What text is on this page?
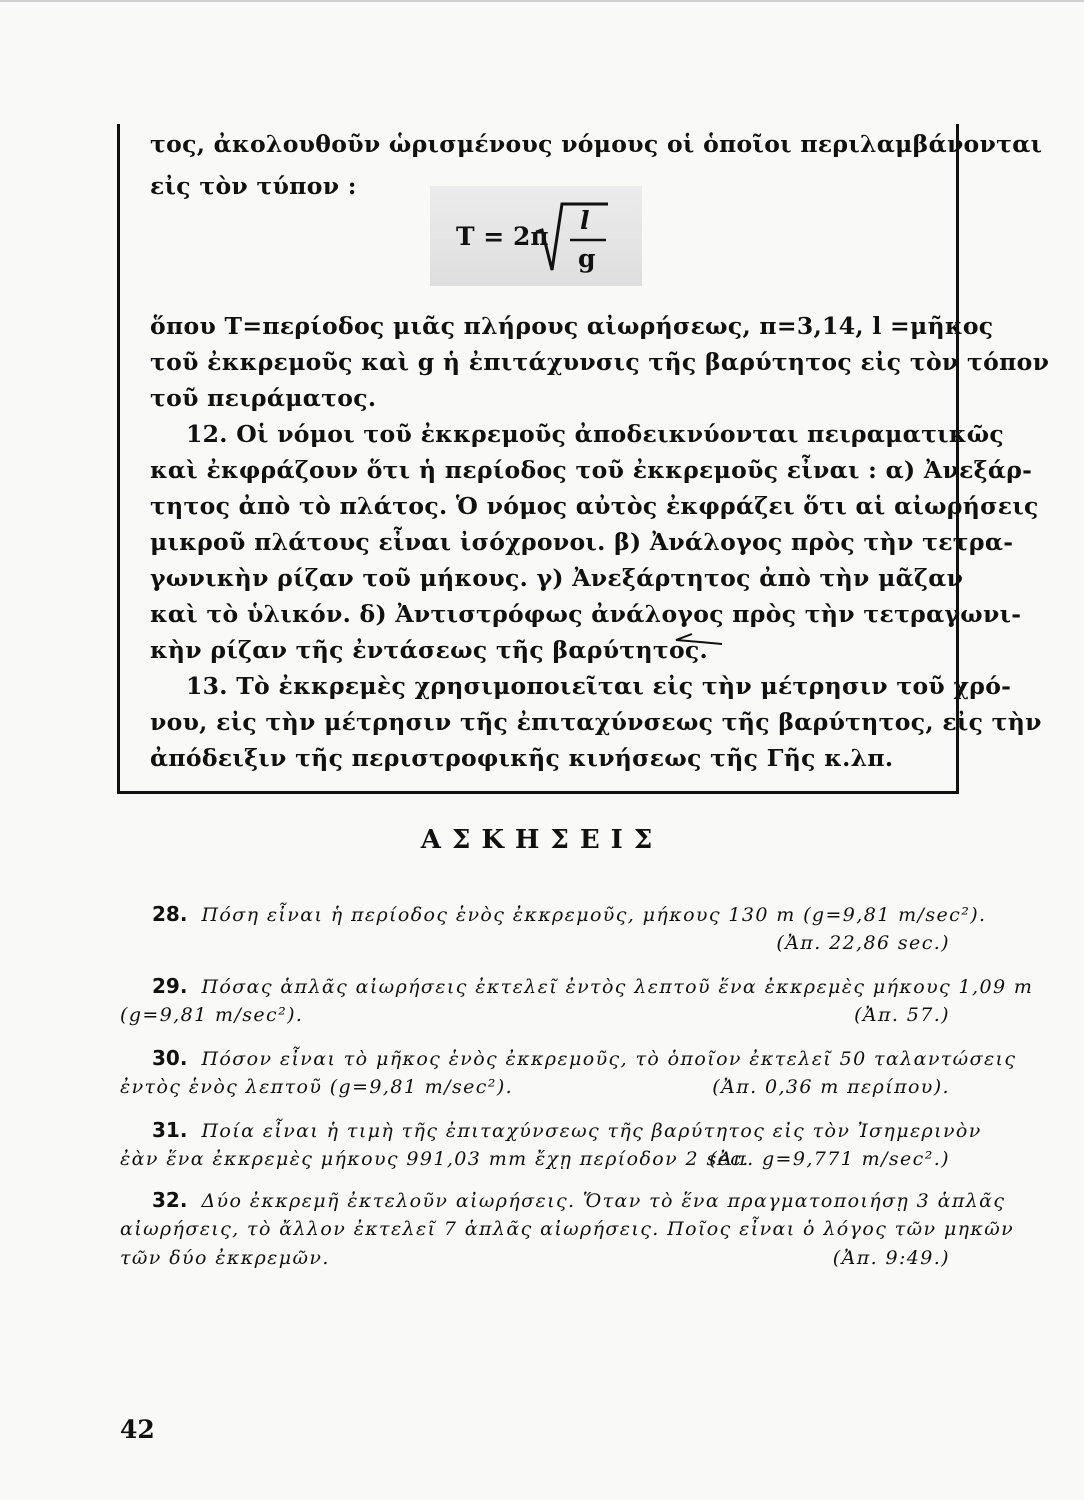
τος, ἀκολουθοῦν ὡρισμένους νόμους οἱ ὁποῖοι περιλαμβάνονται

εἰς τὸν τύπον :

T = 2π
l
g

ὅπου T=περίοδος μιᾶς πλήρους αἰωρήσεως, π=3,14, l =μῆκος

τοῦ ἐκκρεμοῦς καὶ g ἡ ἐπιτάχυνσις τῆς βαρύτητος εἰς τὸν τόπον

τοῦ πειράματος.

12. Οἱ νόμοι τοῦ ἐκκρεμοῦς ἀποδεικνύονται πειραματικῶς

καὶ ἐκφράζουν ὅτι ἡ περίοδος τοῦ ἐκκρεμοῦς εἶναι : α) Ἀνεξάρ-

τητος ἀπὸ τὸ πλάτος. Ὁ νόμος αὐτὸς ἐκφράζει ὅτι αἱ αἰωρήσεις

μικροῦ πλάτους εἶναι ἰσόχρονοι. β) Ἀνάλογος πρὸς τὴν τετρα-

γωνικὴν ρίζαν τοῦ μήκους. γ) Ἀνεξάρτητος ἀπὸ τὴν μᾶζαν

καὶ τὸ ὑλικόν. δ) Ἀντιστρόφως ἀνάλογος πρὸς τὴν τετραγωνι-

κὴν ρίζαν τῆς ἐντάσεως τῆς βαρύτητος.

13. Τὸ ἐκκρεμὲς χρησιμοποιεῖται εἰς τὴν μέτρησιν τοῦ χρό-

νου, εἰς τὴν μέτρησιν τῆς ἐπιταχύνσεως τῆς βαρύτητος, εἰς τὴν

ἀπόδειξιν τῆς περιστροφικῆς κινήσεως τῆς Γῆς κ.λπ.

ΑΣΚΗΣΕΙΣ

28. Πόση εἶναι ἡ περίοδος ἑνὸς ἐκκρεμοῦς, μήκους 130 m (g=9,81 m/sec²).

(Ἀπ. 22,86 sec.)

29. Πόσας ἁπλᾶς αἰωρήσεις ἐκτελεῖ ἐντὸς λεπτοῦ ἕνα ἐκκρεμὲς μήκους 1,09 m

(g=9,81 m/sec²).	(Ἀπ. 57.)

30. Πόσον εἶναι τὸ μῆκος ἑνὸς ἐκκρεμοῦς, τὸ ὁποῖον ἐκτελεῖ 50 ταλαντώσεις

ἐντὸς ἑνὸς λεπτοῦ (g=9,81 m/sec²).	(Ἀπ. 0,36 m περίπου).

31. Ποία εἶναι ἡ τιμὴ τῆς ἐπιταχύνσεως τῆς βαρύτητος εἰς τὸν Ἰσημερινὸν

ἐὰν ἕνα ἐκκρεμὲς μήκους 991,03 mm ἔχῃ περίοδον 2 sec.
(Ἀπ. g=9,771 m/sec².)

32. Δύο ἐκκρεμῆ ἐκτελοῦν αἰωρήσεις. Ὅταν τὸ ἕνα πραγματοποιήσῃ 3 ἁπλᾶς

αἰωρήσεις, τὸ ἄλλον ἐκτελεῖ 7 ἁπλᾶς αἰωρήσεις. Ποῖος εἶναι ὁ λόγος τῶν μηκῶν

τῶν δύο ἐκκρεμῶν.	(Ἀπ. 9:49.)

42
